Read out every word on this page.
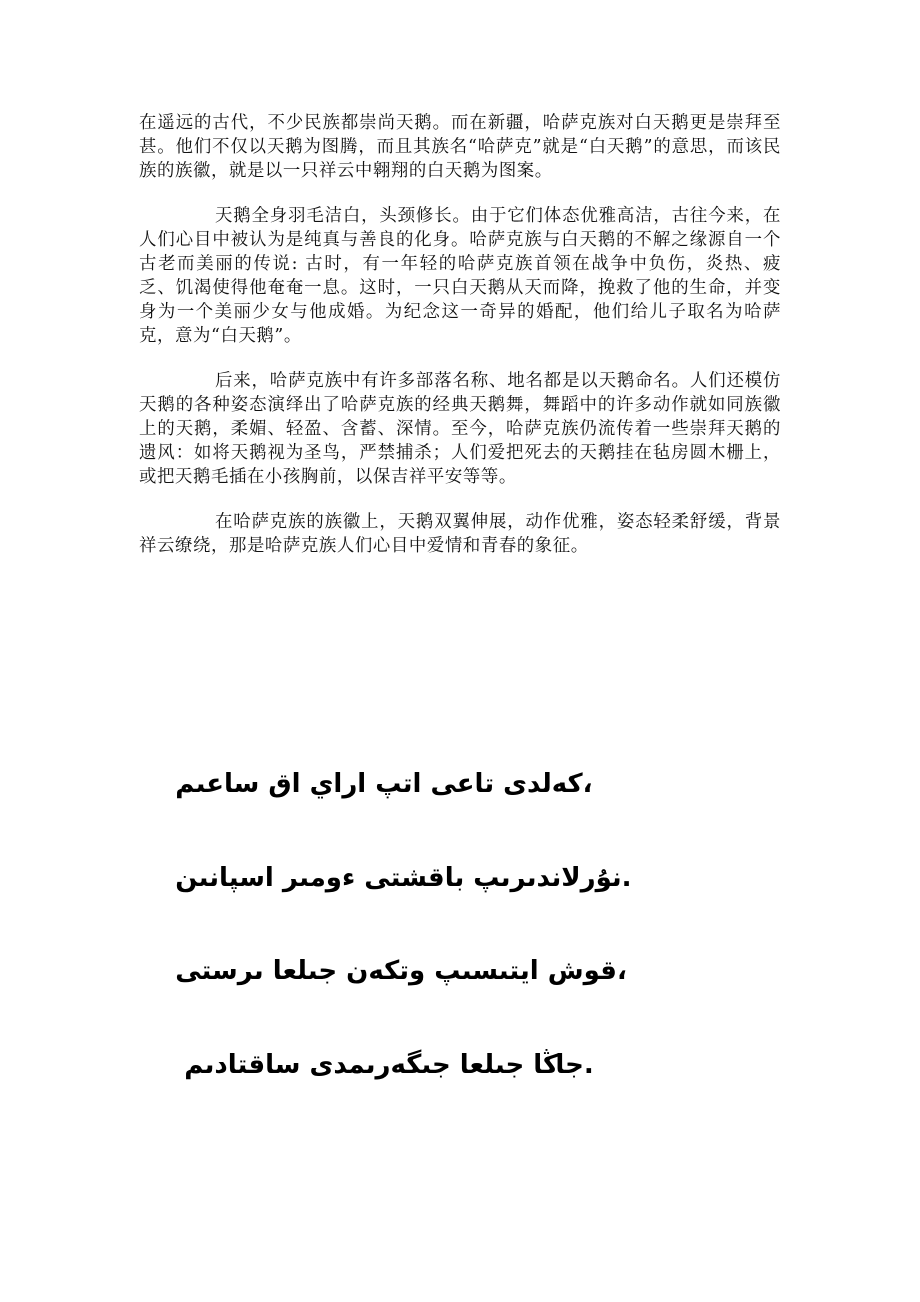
在遥远的古代，不少民族都崇尚天鹅。而在新疆，哈萨克族对白天鹅更是崇拜至甚。他们不仅以天鹅为图腾，而且其族名“哈萨克”就是“白天鹅”的意思，而该民族的族徽，就是以一只祥云中翱翔的白天鹅为图案。

天鹅全身羽毛洁白，头颈修长。由于它们体态优雅高洁，古往今来，在人们心目中被认为是纯真与善良的化身。哈萨克族与白天鹅的不解之缘源自一个古老而美丽的传说: 古时，有一年轻的哈萨克族首领在战争中负伤，炎热、疲乏、饥渴使得他奄奄一息。这时，一只白天鹅从天而降，挽救了他的生命，并变身为一个美丽少女与他成婚。为纪念这一奇异的婚配，他们给儿子取名为哈萨克，意为“白天鹅”。

后来，哈萨克族中有许多部落名称、地名都是以天鹅命名。人们还模仿天鹅的各种姿态演绎出了哈萨克族的经典天鹅舞，舞蹈中的许多动作就如同族徽上的天鹅，柔媚、轻盈、含蓄、深情。至今，哈萨克族仍流传着一些崇拜天鹅的遗风：如将天鹅视为圣鸟，严禁捕杀；人们爱把死去的天鹅挂在毡房圆木栅上，或把天鹅毛插在小孩胸前，以保吉祥平安等等。

在哈萨克族的族徽上，天鹅双翼伸展，动作优雅，姿态轻柔舒缓，背景祥云缭绕，那是哈萨克族人们心目中爱情和青春的象征。

،كەلدى تاعى اتپ اراي اق ساعىم

.نۇرلاندىرىپ باقشتى ءومىر اسپانىن

،قوش ايتىسىپ وتكەن جىلعا ىرستى

.جاڭا جىلعا جىگەرىمدى ساقتادىم
